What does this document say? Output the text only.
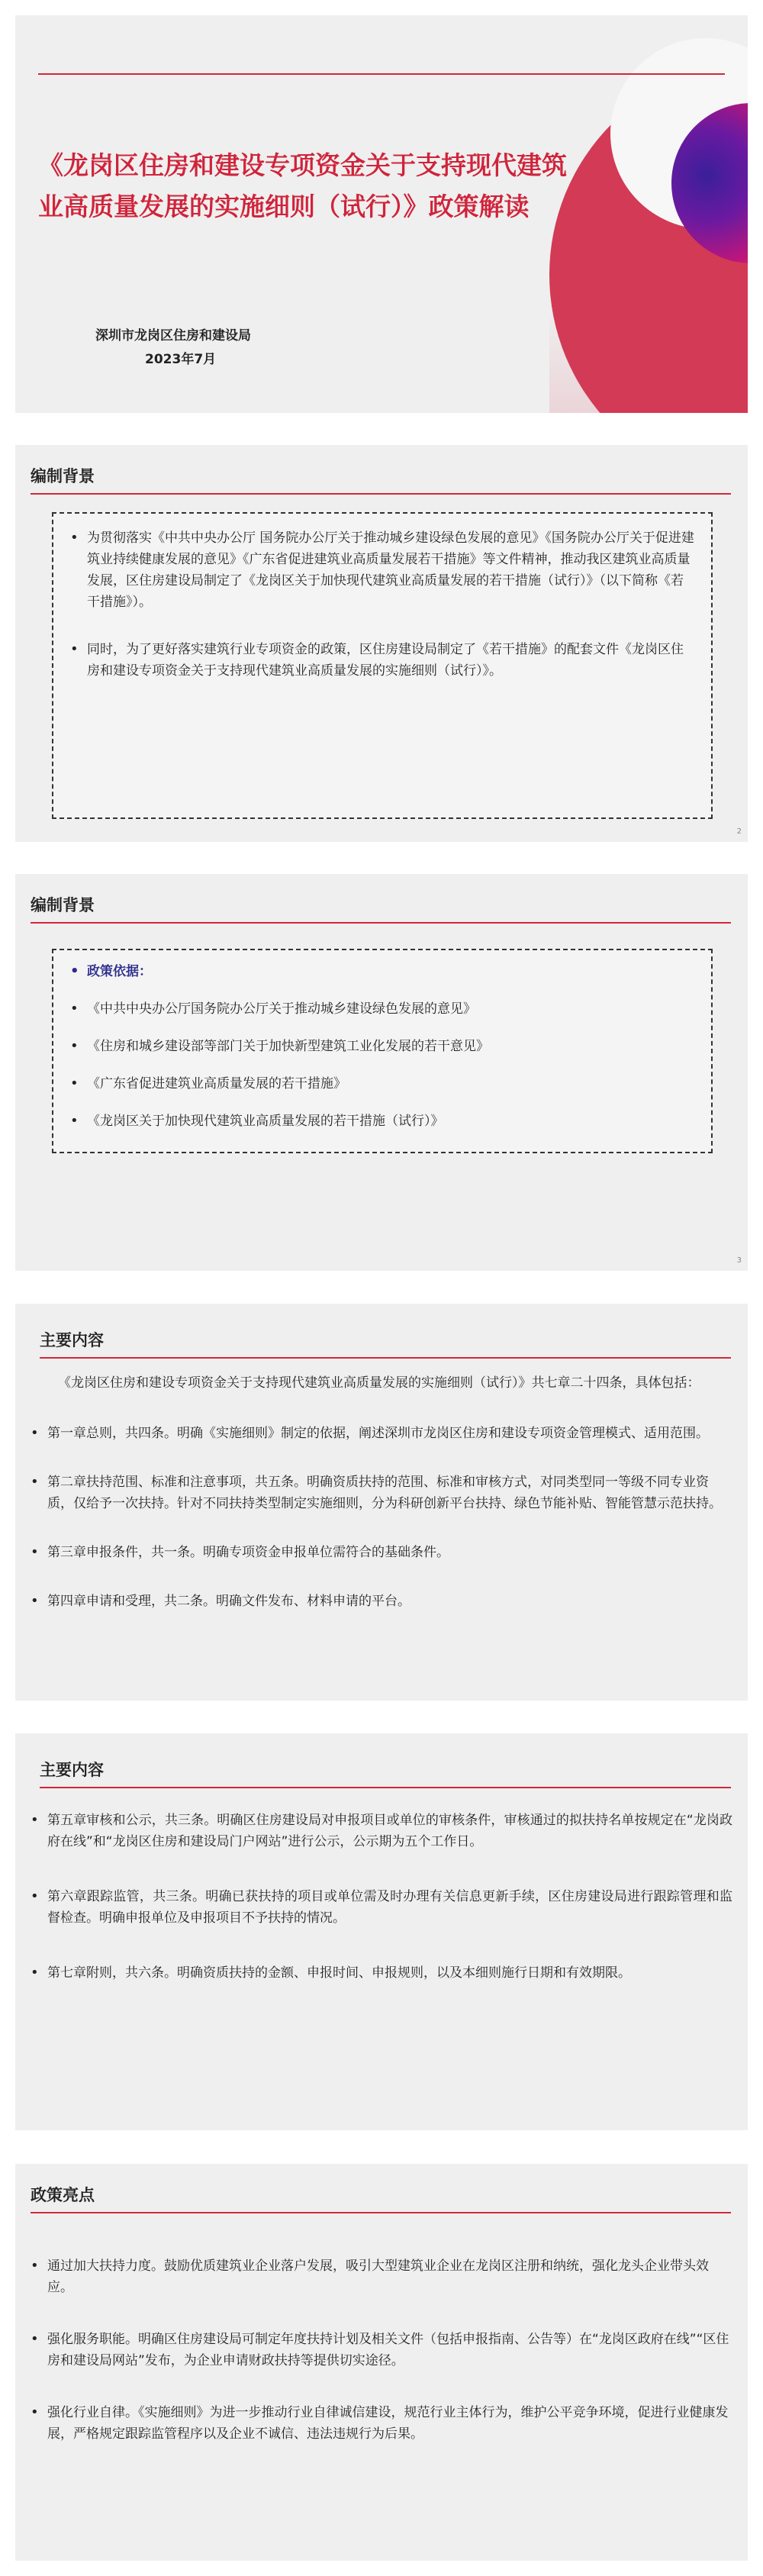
《龙岗区住房和建设专项资金关于支持现代建筑业高质量发展的实施细则（试行）》政策解读
深圳市龙岗区住房和建设局
2023年7月
编制背景
• 为贯彻落实《中共中央办公厅 国务院办公厅关于推动城乡建设绿色发展的意见》《国务院办公厅关于促进建筑业持续健康发展的意见》《广东省促进建筑业高质量发展若干措施》等文件精神，推动我区建筑业高质量发展，区住房建设局制定了《龙岗区关于加快现代建筑业高质量发展的若干措施（试行）》（以下简称《若干措施》）。
• 同时，为了更好落实建筑行业专项资金的政策，区住房建设局制定了《若干措施》的配套文件《龙岗区住房和建设专项资金关于支持现代建筑业高质量发展的实施细则（试行）》。
2
编制背景
• 政策依据：
• 《中共中央办公厅国务院办公厅关于推动城乡建设绿色发展的意见》
• 《住房和城乡建设部等部门关于加快新型建筑工业化发展的若干意见》
• 《广东省促进建筑业高质量发展的若干措施》
• 《龙岗区关于加快现代建筑业高质量发展的若干措施（试行）》
3
主要内容
《龙岗区住房和建设专项资金关于支持现代建筑业高质量发展的实施细则（试行）》共七章二十四条，具体包括：
• 第一章总则，共四条。明确《实施细则》制定的依据，阐述深圳市龙岗区住房和建设专项资金管理模式、适用范围。
• 第二章扶持范围、标准和注意事项，共五条。明确资质扶持的范围、标准和审核方式，对同类型同一等级不同专业资质，仅给予一次扶持。针对不同扶持类型制定实施细则，分为科研创新平台扶持、绿色节能补贴、智能管慧示范扶持。
• 第三章申报条件，共一条。明确专项资金申报单位需符合的基础条件。
• 第四章申请和受理，共二条。明确文件发布、材料申请的平台。
主要内容
• 第五章审核和公示，共三条。明确区住房建设局对申报项目或单位的审核条件，审核通过的拟扶持名单按规定在“龙岗政府在线”和“龙岗区住房和建设局门户网站”进行公示，公示期为五个工作日。
• 第六章跟踪监管，共三条。明确已获扶持的项目或单位需及时办理有关信息更新手续，区住房建设局进行跟踪管理和监督检查。明确申报单位及申报项目不予扶持的情况。
• 第七章附则，共六条。明确资质扶持的金额、申报时间、申报规则，以及本细则施行日期和有效期限。
政策亮点
• 通过加大扶持力度。鼓励优质建筑业企业落户发展，吸引大型建筑业企业在龙岗区注册和纳统，强化龙头企业带头效应。
• 强化服务职能。明确区住房建设局可制定年度扶持计划及相关文件（包括申报指南、公告等）在“龙岗区政府在线”“区住房和建设局网站”发布，为企业申请财政扶持等提供切实途径。
• 强化行业自律。《实施细则》为进一步推动行业自律诚信建设，规范行业主体行为，维护公平竞争环境，促进行业健康发展，严格规定跟踪监管程序以及企业不诚信、违法违规行为后果。
